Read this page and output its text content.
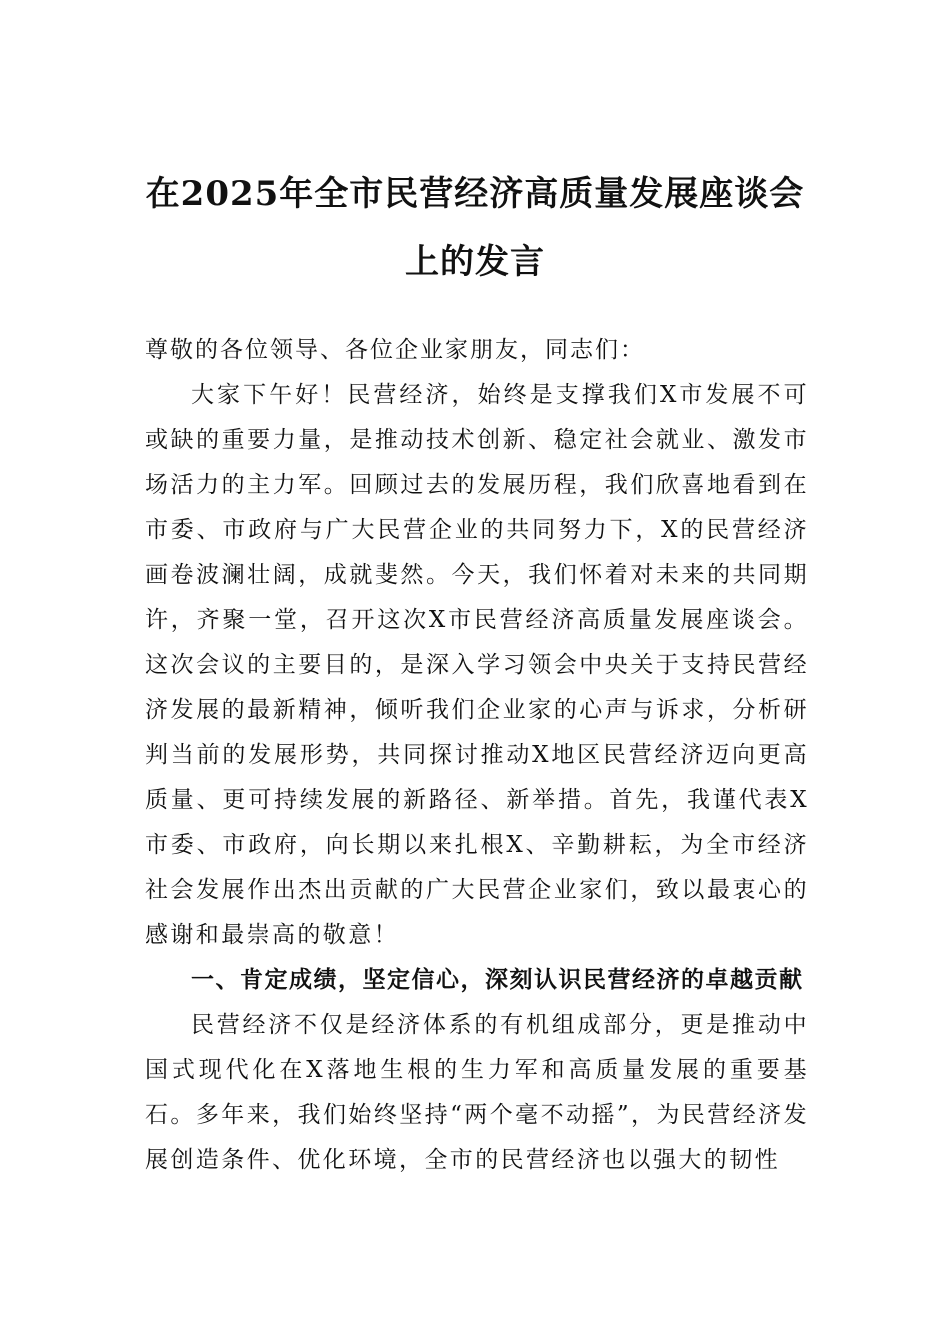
在2025年全市民营经济高质量发展座谈会
上的发言

尊敬的各位领导、各位企业家朋友，同志们：

大家下午好！民营经济，始终是支撑我们X市发展不可或缺的重要力量，是推动技术创新、稳定社会就业、激发市场活力的主力军。回顾过去的发展历程，我们欣喜地看到在市委、市政府与广大民营企业的共同努力下，X的民营经济画卷波澜壮阔，成就斐然。今天，我们怀着对未来的共同期许，齐聚一堂，召开这次X市民营经济高质量发展座谈会。这次会议的主要目的，是深入学习领会中央关于支持民营经济发展的最新精神，倾听我们企业家的心声与诉求，分析研判当前的发展形势，共同探讨推动X地区民营经济迈向更高质量、更可持续发展的新路径、新举措。首先，我谨代表X市委、市政府，向长期以来扎根X、辛勤耕耘，为全市经济社会发展作出杰出贡献的广大民营企业家们，致以最衷心的感谢和最崇高的敬意！

一、肯定成绩，坚定信心，深刻认识民营经济的卓越贡献

民营经济不仅是经济体系的有机组成部分，更是推动中国式现代化在X落地生根的生力军和高质量发展的重要基石。多年来，我们始终坚持“两个毫不动摇”，为民营经济发展创造条件、优化环境，全市的民营经济也以强大的韧性
